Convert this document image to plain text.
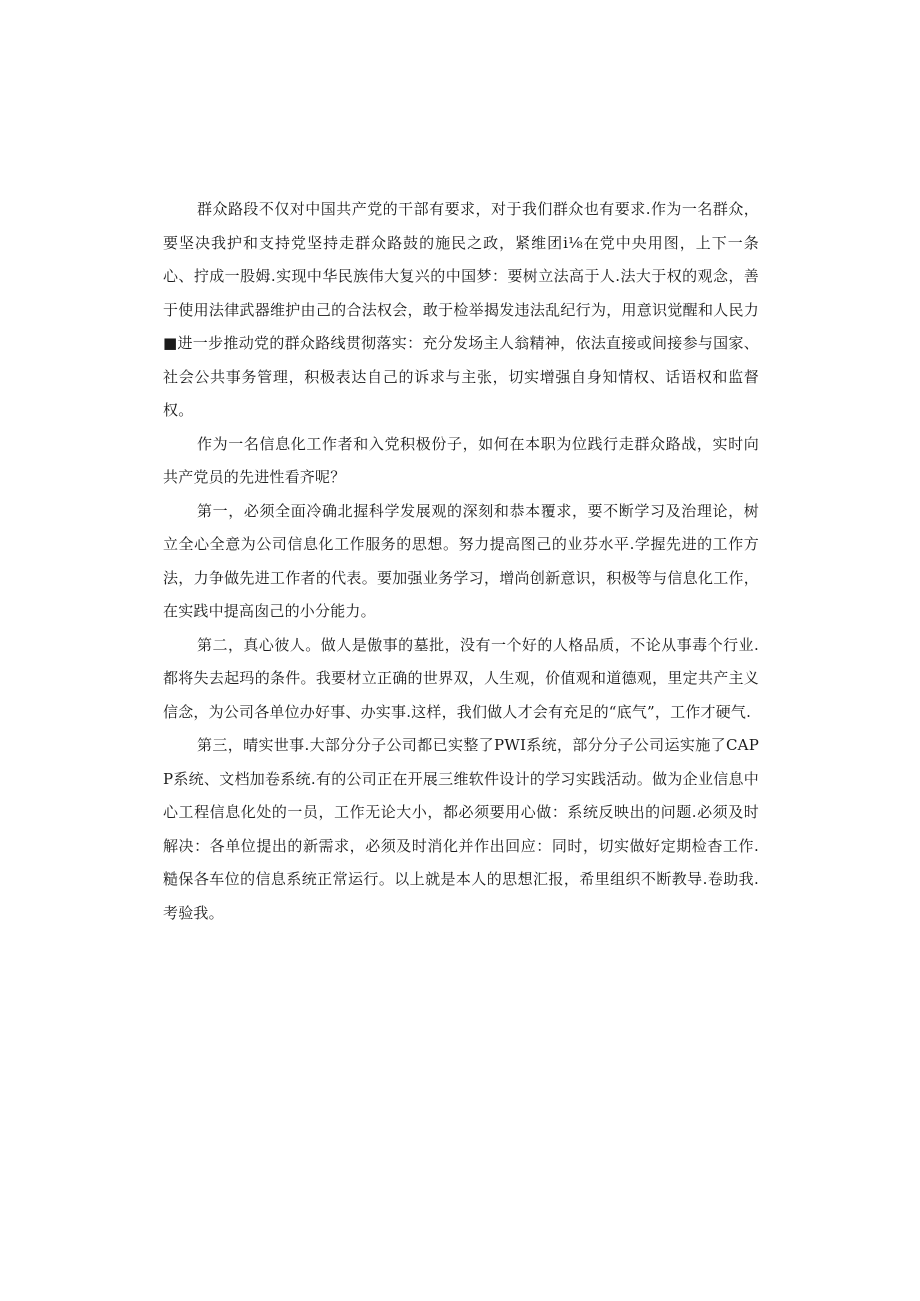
群众路段不仅对中国共产党的干部有要求，对于我们群众也有要求.作为一名群众，要坚决我护和支持党坚持走群众路鼓的施民之政，紧维团i⅛在党中央用图，上下一条心、拧成一股姆.实现中华民族伟大复兴的中国梦：要树立法高于人.法大于权的观念，善于使用法律武器维护由己的合法权会，敢于检举揭发违法乱纪行为，用意识觉醒和人民力■进一步推动党的群众路线贯彻落实：充分发场主人翁精神，依法直接或间接参与国家、社会公共事务管理，积极表达自己的诉求与主张，切实增强自身知情权、话语权和监督权。

作为一名信息化工作者和入党积极份子，如何在本职为位践行走群众路战，实时向共产党员的先进性看齐呢？

第一，必须全面冷确北握科学发展观的深刻和恭本覆求，要不断学习及治理论，树立全心全意为公司信息化工作服务的思想。努力提高图己的业芬水平.学握先进的工作方法，力争做先进工作者的代表。要加强业务学习，增尚创新意识，积极等与信息化工作，在实践中提高囱己的小分能力。

第二，真心彼人。做人是傲事的墓批，没有一个好的人格品质，不论从事毒个行业.都将失去起玛的条件。我要材立正确的世界双，人生观，价值观和道德观，里定共产主义信念，为公司各单位办好事、办实事.这样，我们做人才会有充足的“底气”，工作才硬气.

第三，晴实世事.大部分分子公司都已实整了PWI系统，部分分子公司运实施了CAPP系统、文档加卷系统.有的公司正在开展三维软件设计的学习实践活动。做为企业信息中心工程信息化处的一员，工作无论大小，都必须要用心做：系统反映出的问题.必须及时解决：各单位提出的新需求，必须及时消化并作出回应：同时，切实做好定期检杳工作.糙保各车位的信息系统正常运行。以上就是本人的思想汇报，希里组织不断教导.卷助我.考验我。
